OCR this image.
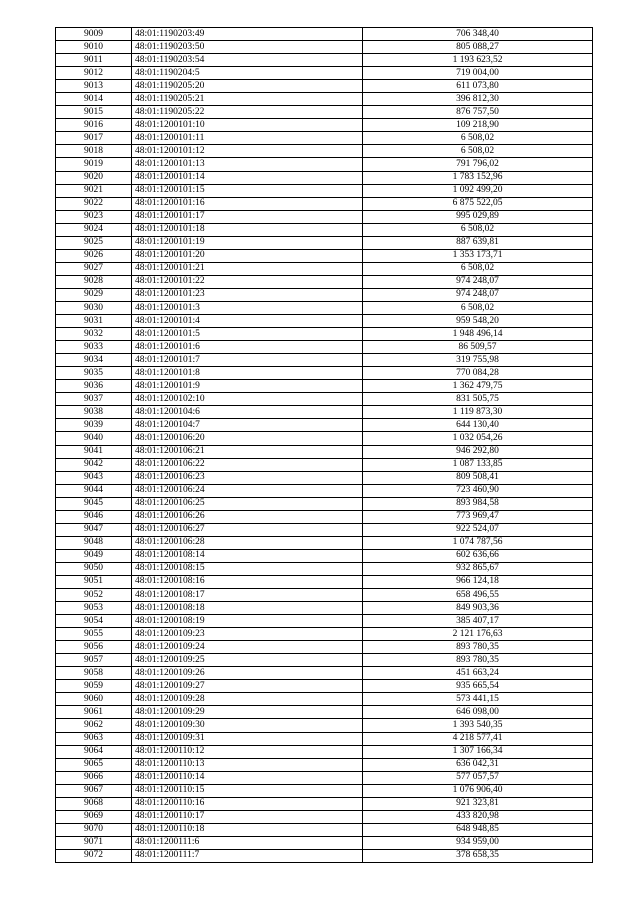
9009	48:01:1190203:49	706 348,40
9010	48:01:1190203:50	805 088,27
9011	48:01:1190203:54	1 193 623,52
9012	48:01:1190204:5	719 004,00
9013	48:01:1190205:20	611 073,80
9014	48:01:1190205:21	396 812,30
9015	48:01:1190205:22	876 757,50
9016	48:01:1200101:10	109 218,90
9017	48:01:1200101:11	6 508,02
9018	48:01:1200101:12	6 508,02
9019	48:01:1200101:13	791 796,02
9020	48:01:1200101:14	1 783 152,96
9021	48:01:1200101:15	1 092 499,20
9022	48:01:1200101:16	6 875 522,05
9023	48:01:1200101:17	995 029,89
9024	48:01:1200101:18	6 508,02
9025	48:01:1200101:19	887 639,81
9026	48:01:1200101:20	1 353 173,71
9027	48:01:1200101:21	6 508,02
9028	48:01:1200101:22	974 248,07
9029	48:01:1200101:23	974 248,07
9030	48:01:1200101:3	6 508,02
9031	48:01:1200101:4	959 548,20
9032	48:01:1200101:5	1 948 496,14
9033	48:01:1200101:6	86 509,57
9034	48:01:1200101:7	319 755,98
9035	48:01:1200101:8	770 084,28
9036	48:01:1200101:9	1 362 479,75
9037	48:01:1200102:10	831 505,75
9038	48:01:1200104:6	1 119 873,30
9039	48:01:1200104:7	644 130,40
9040	48:01:1200106:20	1 032 054,26
9041	48:01:1200106:21	946 292,80
9042	48:01:1200106:22	1 087 133,85
9043	48:01:1200106:23	809 508,41
9044	48:01:1200106:24	723 460,90
9045	48:01:1200106:25	893 984,58
9046	48:01:1200106:26	773 969,47
9047	48:01:1200106:27	922 524,07
9048	48:01:1200106:28	1 074 787,56
9049	48:01:1200108:14	602 636,66
9050	48:01:1200108:15	932 865,67
9051	48:01:1200108:16	966 124,18
9052	48:01:1200108:17	658 496,55
9053	48:01:1200108:18	849 903,36
9054	48:01:1200108:19	385 407,17
9055	48:01:1200109:23	2 121 176,63
9056	48:01:1200109:24	893 780,35
9057	48:01:1200109:25	893 780,35
9058	48:01:1200109:26	451 663,24
9059	48:01:1200109:27	935 665,54
9060	48:01:1200109:28	573 441,15
9061	48:01:1200109:29	646 098,00
9062	48:01:1200109:30	1 393 540,35
9063	48:01:1200109:31	4 218 577,41
9064	48:01:1200110:12	1 307 166,34
9065	48:01:1200110:13	636 042,31
9066	48:01:1200110:14	577 057,57
9067	48:01:1200110:15	1 076 906,40
9068	48:01:1200110:16	921 323,81
9069	48:01:1200110:17	433 820,98
9070	48:01:1200110:18	648 948,85
9071	48:01:1200111:6	934 959,00
9072	48:01:1200111:7	378 658,35
